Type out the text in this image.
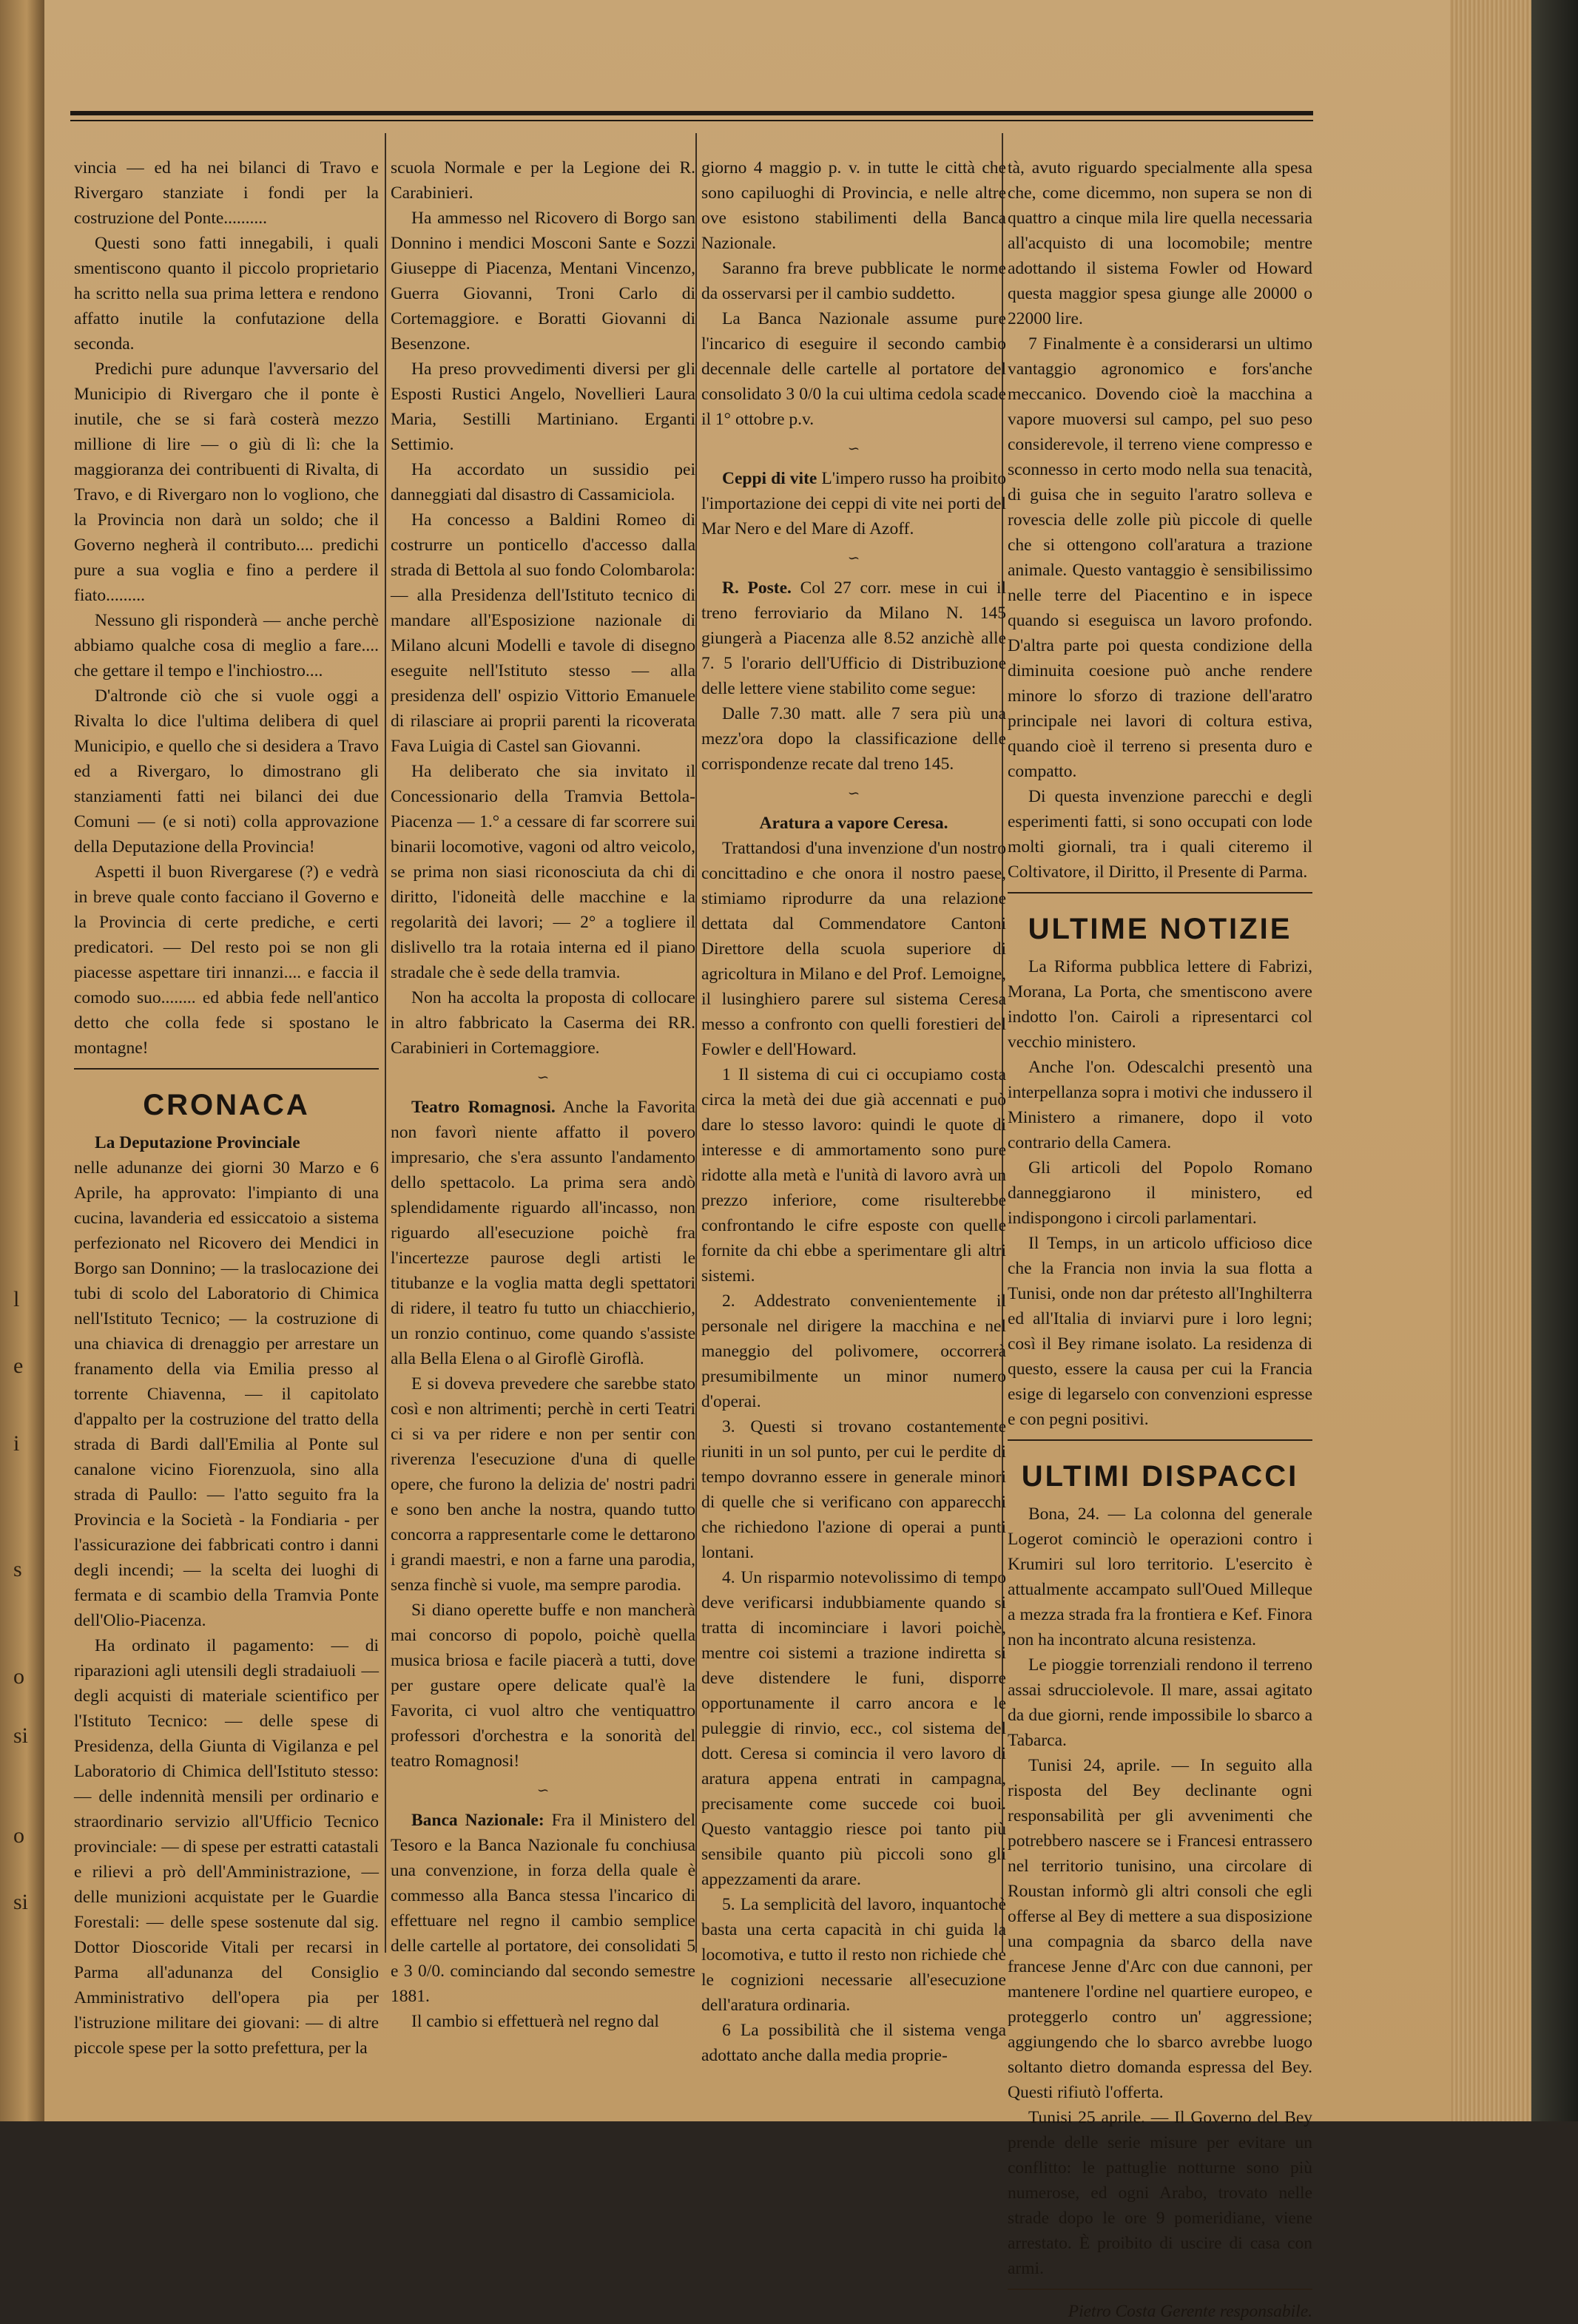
l
e
i
s
o
si
o
si

vincia — ed ha nei bilanci di Travo e Rivergaro stanziate i fondi per la costruzione del Ponte..........

Questi sono fatti innegabili, i quali smentiscono quanto il piccolo proprietario ha scritto nella sua prima lettera e rendono affatto inutile la confutazione della seconda.

Predichi pure adunque l'avversario del Municipio di Rivergaro che il ponte è inutile, che se si farà costerà mezzo millione di lire — o giù di lì: che la maggioranza dei contribuenti di Rivalta, di Travo, e di Rivergaro non lo vogliono, che la Provincia non darà un soldo; che il Governo negherà il contributo.... predichi pure a sua voglia e fino a perdere il fiato.........

Nessuno gli risponderà — anche perchè abbiamo qualche cosa di meglio a fare.... che gettare il tempo e l'inchiostro....

D'altronde ciò che si vuole oggi a Rivalta lo dice l'ultima delibera di quel Municipio, e quello che si desidera a Travo ed a Rivergaro, lo dimostrano gli stanziamenti fatti nei bilanci dei due Comuni — (e si noti) colla approvazione della Deputazione della Provincia!

Aspetti il buon Rivergarese (?) e vedrà in breve quale conto facciano il Governo e la Provincia di certe prediche, e certi predicatori. — Del resto poi se non gli piacesse aspettare tiri innanzi.... e faccia il comodo suo........ ed abbia fede nell'antico detto che colla fede si spostano le montagne!

CRONACA

La Deputazione Provinciale

nelle adunanze dei giorni 30 Marzo e 6 Aprile, ha approvato: l'impianto di una cucina, lavanderia ed essiccatoio a sistema perfezionato nel Ricovero dei Mendici in Borgo san Donnino; — la traslocazione dei tubi di scolo del Laboratorio di Chimica nell'Istituto Tecnico; — la costruzione di una chiavica di drenaggio per arrestare un franamento della via Emilia presso al torrente Chiavenna, — il capitolato d'appalto per la costruzione del tratto della strada di Bardi dall'Emilia al Ponte sul canalone vicino Fiorenzuola, sino alla strada di Paullo: — l'atto seguito fra la Provincia e la Società - la Fondiaria - per l'assicurazione dei fabbricati contro i danni degli incendi; — la scelta dei luoghi di fermata e di scambio della Tramvia Ponte dell'Olio-Piacenza.

Ha ordinato il pagamento: — di riparazioni agli utensili degli stradaiuoli — degli acquisti di materiale scientifico per l'Istituto Tecnico: — delle spese di Presidenza, della Giunta di Vigilanza e pel Laboratorio di Chimica dell'Istituto stesso: — delle indennità mensili per ordinario e straordinario servizio all'Ufficio Tecnico provinciale: — di spese per estratti catastali e rilievi a prò dell'Amministrazione, — delle munizioni acquistate per le Guardie Forestali: — delle spese sostenute dal sig. Dottor Dioscoride Vitali per recarsi in Parma all'adunanza del Consiglio Amministrativo dell'opera pia per l'istruzione militare dei giovani: — di altre piccole spese per la sotto prefettura, per la

scuola Normale e per la Legione dei R. Carabinieri.

Ha ammesso nel Ricovero di Borgo san Donnino i mendici Mosconi Sante e Sozzi Giuseppe di Piacenza, Mentani Vincenzo, Guerra Giovanni, Troni Carlo di Cortemaggiore. e Boratti Giovanni di Besenzone.

Ha preso provvedimenti diversi per gli Esposti Rustici Angelo, Novellieri Laura Maria, Sestilli Martiniano. Erganti Settimio.

Ha accordato un sussidio pei danneggiati dal disastro di Cassamiciola.

Ha concesso a Baldini Romeo di costrurre un ponticello d'accesso dalla strada di Bettola al suo fondo Colombarola: — alla Presidenza dell'Istituto tecnico di mandare all'Esposizione nazionale di Milano alcuni Modelli e tavole di disegno eseguite nell'Istituto stesso — alla presidenza dell' ospizio Vittorio Emanuele di rilasciare ai proprii parenti la ricoverata Fava Luigia di Castel san Giovanni.

Ha deliberato che sia invitato il Concessionario della Tramvia Bettola-Piacenza — 1.° a cessare di far scorrere sui binarii locomotive, vagoni od altro veicolo, se prima non siasi riconosciuta da chi di diritto, l'idoneità delle macchine e la regolarità dei lavori; — 2° a togliere il dislivello tra la rotaia interna ed il piano stradale che è sede della tramvia.

Non ha accolta la proposta di collocare in altro fabbricato la Caserma dei RR. Carabinieri in Cortemaggiore.

∽

Teatro Romagnosi. Anche la Favorita non favorì niente affatto il povero impresario, che s'era assunto l'andamento dello spettacolo. La prima sera andò splendidamente riguardo all'incasso, non riguardo all'esecuzione poichè fra l'incertezze paurose degli artisti le titubanze e la voglia matta degli spettatori di ridere, il teatro fu tutto un chiacchierio, un ronzio continuo, come quando s'assiste alla Bella Elena o al Giroflè Giroflà.

E si doveva prevedere che sarebbe stato così e non altrimenti; perchè in certi Teatri ci si va per ridere e non per sentir con riverenza l'esecuzione d'una di quelle opere, che furono la delizia de' nostri padri e sono ben anche la nostra, quando tutto concorra a rappresentarle come le dettarono i grandi maestri, e non a farne una parodia, senza finchè si vuole, ma sempre parodia.

Si diano operette buffe e non mancherà mai concorso di popolo, poichè quella musica briosa e facile piacerà a tutti, dove per gustare opere delicate qual'è la Favorita, ci vuol altro che ventiquattro professori d'orchestra e la sonorità del teatro Romagnosi!

∽

Banca Nazionale: Fra il Ministero del Tesoro e la Banca Nazionale fu conchiusa una convenzione, in forza della quale è commesso alla Banca stessa l'incarico di effettuare nel regno il cambio semplice delle cartelle al portatore, dei consolidati 5 e 3 0/0. cominciando dal secondo semestre 1881.

Il cambio si effettuerà nel regno dal

giorno 4 maggio p. v. in tutte le città che sono capiluoghi di Provincia, e nelle altre ove esistono stabilimenti della Banca Nazionale.

Saranno fra breve pubblicate le norme da osservarsi per il cambio suddetto.

La Banca Nazionale assume pure l'incarico di eseguire il secondo cambio decennale delle cartelle al portatore del consolidato 3 0/0 la cui ultima cedola scade il 1° ottobre p.v.

∽

Ceppi di vite L'impero russo ha proibito l'importazione dei ceppi di vite nei porti del Mar Nero e del Mare di Azoff.

∽

R. Poste. Col 27 corr. mese in cui il treno ferroviario da Milano N. 145 giungerà a Piacenza alle 8.52 anzichè alle 7. 5 l'orario dell'Ufficio di Distribuzione delle lettere viene stabilito come segue:

Dalle 7.30 matt. alle 7 sera più una mezz'ora dopo la classificazione delle corrispondenze recate dal treno 145.

∽

Aratura a vapore Ceresa.

Trattandosi d'una invenzione d'un nostro concittadino e che onora il nostro paese, stimiamo riprodurre da una relazione dettata dal Commendatore Cantoni Direttore della scuola superiore di agricoltura in Milano e del Prof. Lemoigne, il lusinghiero parere sul sistema Ceresa messo a confronto con quelli forestieri del Fowler e dell'Howard.

1 Il sistema di cui ci occupiamo costa circa la metà dei due già accennati e può dare lo stesso lavoro: quindi le quote di interesse e di ammortamento sono pure ridotte alla metà e l'unità di lavoro avrà un prezzo inferiore, come risulterebbe confrontando le cifre esposte con quelle fornite da chi ebbe a sperimentare gli altri sistemi.

2. Addestrato convenientemente il personale nel dirigere la macchina e nel maneggio del polivomere, occorrerà presumibilmente un minor numero d'operai.

3. Questi si trovano costantemente riuniti in un sol punto, per cui le perdite di tempo dovranno essere in generale minori di quelle che si verificano con apparecchi che richiedono l'azione di operai a punti lontani.

4. Un risparmio notevolissimo di tempo deve verificarsi indubbiamente quando si tratta di incominciare i lavori poichè, mentre coi sistemi a trazione indiretta si deve distendere le funi, disporre opportunamente il carro ancora e le puleggie di rinvio, ecc., col sistema del dott. Ceresa si comincia il vero lavoro di aratura appena entrati in campagna, precisamente come succede coi buoi. Questo vantaggio riesce poi tanto più sensibile quanto più piccoli sono gli appezzamenti da arare.

5. La semplicità del lavoro, inquantochè basta una certa capacità in chi guida la locomotiva, e tutto il resto non richiede che le cognizioni necessarie all'esecuzione dell'aratura ordinaria.

6 La possibilità che il sistema venga adottato anche dalla media proprie-

tà, avuto riguardo specialmente alla spesa che, come dicemmo, non supera se non di quattro a cinque mila lire quella necessaria all'acquisto di una locomobile; mentre adottando il sistema Fowler od Howard questa maggior spesa giunge alle 20000 o 22000 lire.

7 Finalmente è a considerarsi un ultimo vantaggio agronomico e fors'anche meccanico. Dovendo cioè la macchina a vapore muoversi sul campo, pel suo peso considerevole, il terreno viene compresso e sconnesso in certo modo nella sua tenacità, di guisa che in seguito l'aratro solleva e rovescia delle zolle più piccole di quelle che si ottengono coll'aratura a trazione animale. Questo vantaggio è sensibilissimo nelle terre del Piacentino e in ispece quando si eseguisca un lavoro profondo. D'altra parte poi questa condizione della diminuita coesione può anche rendere minore lo sforzo di trazione dell'aratro principale nei lavori di coltura estiva, quando cioè il terreno si presenta duro e compatto.

Di questa invenzione parecchi e degli esperimenti fatti, si sono occupati con lode molti giornali, tra i quali citeremo il Coltivatore, il Diritto, il Presente di Parma.

ULTIME NOTIZIE

La Riforma pubblica lettere di Fabrizi, Morana, La Porta, che smentiscono avere indotto l'on. Cairoli a ripresentarci col vecchio ministero.

Anche l'on. Odescalchi presentò una interpellanza sopra i motivi che indussero il Ministero a rimanere, dopo il voto contrario della Camera.

Gli articoli del Popolo Romano danneggiarono il ministero, ed indispongono i circoli parlamentari.

Il Temps, in un articolo ufficioso dice che la Francia non invia la sua flotta a Tunisi, onde non dar prétesto all'Inghilterra ed all'Italia di inviarvi pure i loro legni; così il Bey rimane isolato. La residenza di questo, essere la causa per cui la Francia esige di legarselo con convenzioni espresse e con pegni positivi.

ULTIMI DISPACCI

Bona, 24. — La colonna del generale Logerot cominciò le operazioni contro i Krumiri sul loro territorio. L'esercito è attualmente accampato sull'Oued Milleque a mezza strada fra la frontiera e Kef. Finora non ha incontrato alcuna resistenza.

Le pioggie torrenziali rendono il terreno assai sdrucciolevole. Il mare, assai agitato da due giorni, rende impossibile lo sbarco a Tabarca.

Tunisi 24, aprile. — In seguito alla risposta del Bey declinante ogni responsabilità per gli avvenimenti che potrebbero nascere se i Francesi entrassero nel territorio tunisino, una circolare di Roustan informò gli altri consoli che egli offerse al Bey di mettere a sua disposizione una compagnia da sbarco della nave francese Jenne d'Arc con due cannoni, per mantenere l'ordine nel quartiere europeo, e proteggerlo contro un' aggressione; aggiungendo che lo sbarco avrebbe luogo soltanto dietro domanda espressa del Bey. Questi rifiutò l'offerta.

Tunisi 25 aprile. — Il Governo del Bey prende delle serie misure per evitare un conflitto: le pattuglie notturne sono più numerose, ed ogni Arabo, trovato nelle strade dopo le ore 9 pomeridiane, viene arrestato. È proibito di uscire di casa con armi.

Pietro Costa Gerente responsabile.
